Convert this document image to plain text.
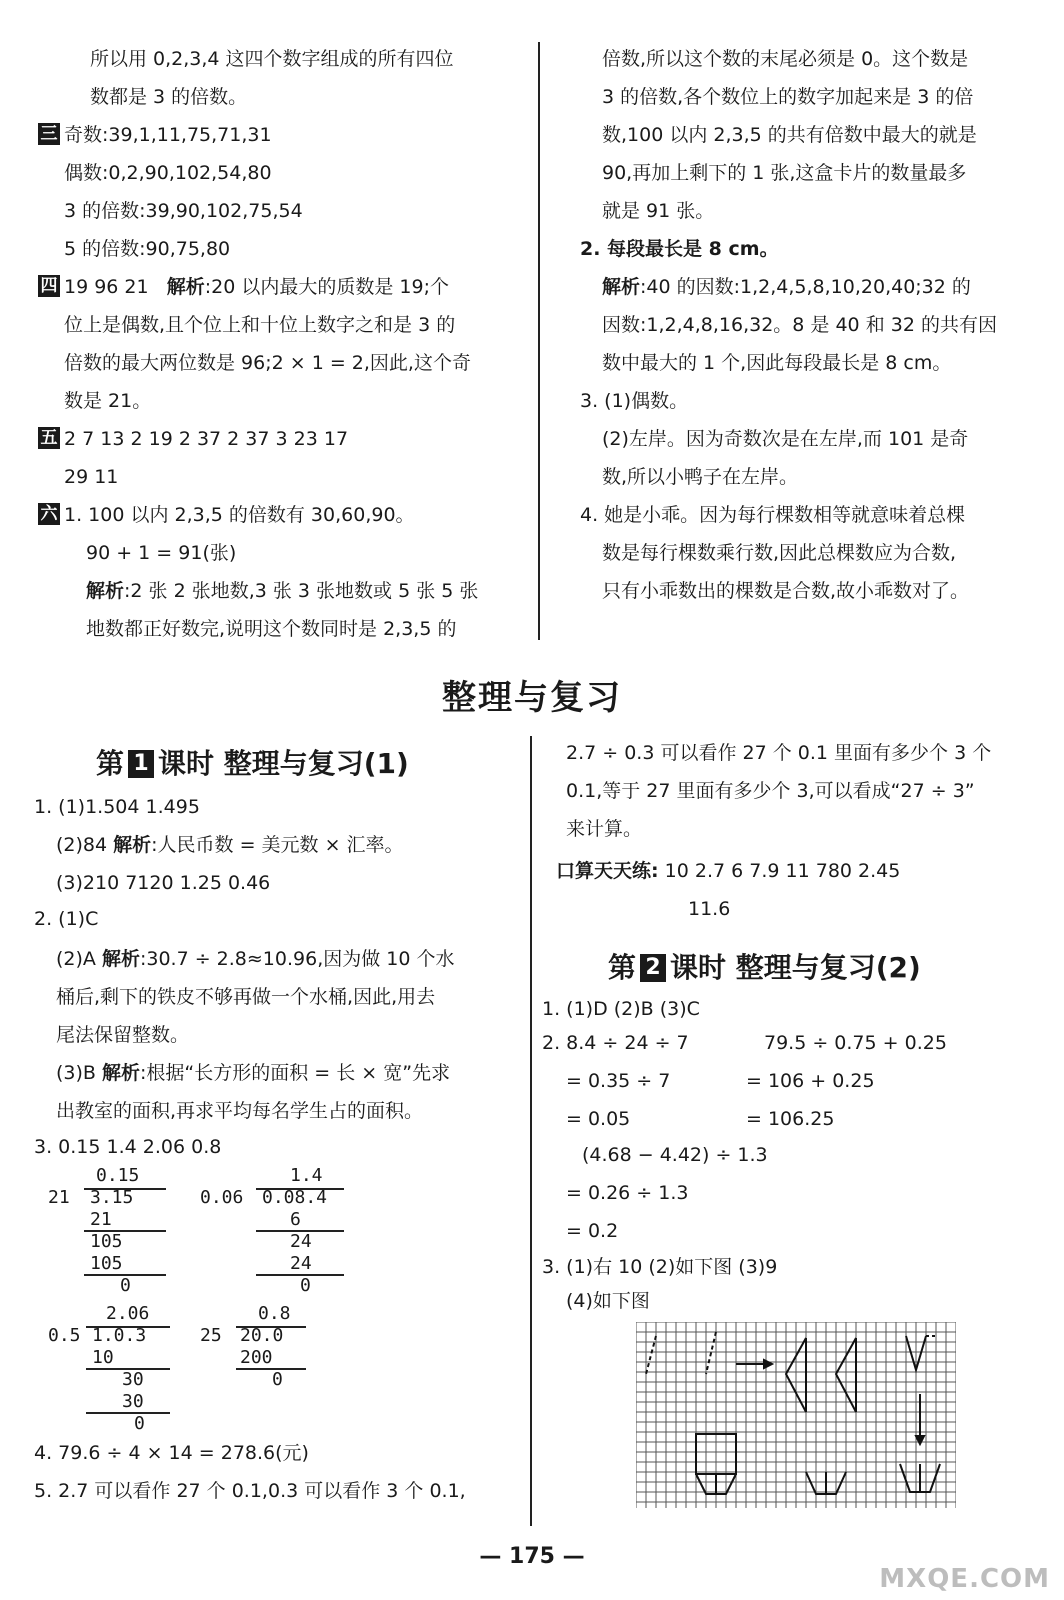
所以用 0,2,3,4 这四个数字组成的所有四位
数都是 3 的倍数。
三 奇数:39,1,11,75,71,31
偶数:0,2,90,102,54,80
3 的倍数:39,90,102,75,54
5 的倍数:90,75,80
四 19 96 21 解析:20 以内最大的质数是 19;个
位上是偶数,且个位上和十位上数字之和是 3 的
倍数的最大两位数是 96;2 × 1 = 2,因此,这个奇
数是 21。
五 2 7 13 2 19 2 37 2 37 3 23 17
29 11
六 1. 100 以内 2,3,5 的倍数有 30,60,90。
90 + 1 = 91(张)
解析:2 张 2 张地数,3 张 3 张地数或 5 张 5 张
地数都正好数完,说明这个数同时是 2,3,5 的
倍数,所以这个数的末尾必须是 0。这个数是
3 的倍数,各个数位上的数字加起来是 3 的倍
数,100 以内 2,3,5 的共有倍数中最大的就是
90,再加上剩下的 1 张,这盒卡片的数量最多
就是 91 张。
2. 每段最长是 8 cm。
解析:40 的因数:1,2,4,5,8,10,20,40;32 的
因数:1,2,4,8,16,32。8 是 40 和 32 的共有因
数中最大的 1 个,因此每段最长是 8 cm。
3. (1)偶数。
(2)左岸。因为奇数次是在左岸,而 101 是奇
数,所以小鸭子在左岸。
4. 她是小乖。因为每行棵数相等就意味着总棵
数是每行棵数乘行数,因此总棵数应为合数,
只有小乖数出的棵数是合数,故小乖数对了。
整理与复习
第 1 课时 整理与复习(1)
1. (1)1.504 1.495
(2)84 解析:人民币数 = 美元数 × 汇率。
(3)210 7120 1.25 0.46
2. (1)C
(2)A 解析:30.7 ÷ 2.8≈10.96,因为做 10 个水
桶后,剩下的铁皮不够再做一个水桶,因此,用去
尾法保留整数。
(3)B 解析:根据“长方形的面积 = 长 × 宽”先求
出教室的面积,再求平均每名学生占的面积。
3. 0.15 1.4 2.06 0.8
0.15
21 3.15
21
105
105
0
1.4
0.06 0.08.4
6
24
24
0
2.06
0.5 1.0.3
10
30
30
0
0.8
25 20.0
200
0
4. 79.6 ÷ 4 × 14 = 278.6(元)
5. 2.7 可以看作 27 个 0.1,0.3 可以看作 3 个 0.1,
2.7 ÷ 0.3 可以看作 27 个 0.1 里面有多少个 3 个
0.1,等于 27 里面有多少个 3,可以看成“27 ÷ 3”
来计算。
口算天天练: 10 2.7 6 7.9 11 780 2.45
11.6
第 2 课时 整理与复习(2)
1. (1)D (2)B (3)C
2. 8.4 ÷ 24 ÷ 7	79.5 ÷ 0.75 + 0.25
= 0.35 ÷ 7	= 106 + 0.25
= 0.05	= 106.25
(4.68 − 4.42) ÷ 1.3
= 0.26 ÷ 1.3
= 0.2
3. (1)右 10 (2)如下图 (3)9
(4)如下图
— 175 —
MXQE.COM
